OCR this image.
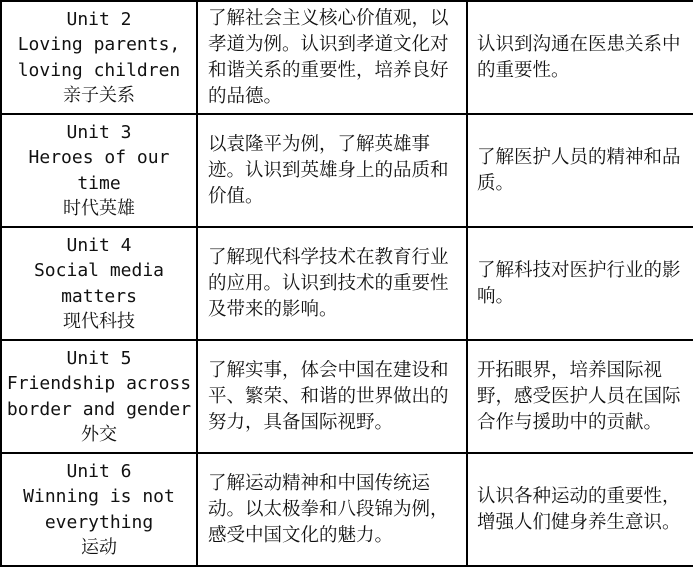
Unit 2
Loving parents,
loving children
亲子关系	了解社会主义核心价值观，以孝道为例。认识到孝道文化对和谐关系的重要性，培养良好的品德。	认识到沟通在医患关系中的重要性。

Unit 3
Heroes of our
time
时代英雄	以袁隆平为例，了解英雄事迹。认识到英雄身上的品质和价值。	了解医护人员的精神和品质。

Unit 4
Social media
matters
现代科技	了解现代科学技术在教育行业的应用。认识到技术的重要性及带来的影响。	了解科技对医护行业的影响。

Unit 5
Friendship across
border and gender
外交	了解实事，体会中国在建设和平、繁荣、和谐的世界做出的努力，具备国际视野。	开拓眼界，培养国际视野，感受医护人员在国际合作与援助中的贡献。

Unit 6
Winning is not
everything
运动	了解运动精神和中国传统运动。以太极拳和八段锦为例，感受中国文化的魅力。	认识各种运动的重要性，增强人们健身养生意识。
